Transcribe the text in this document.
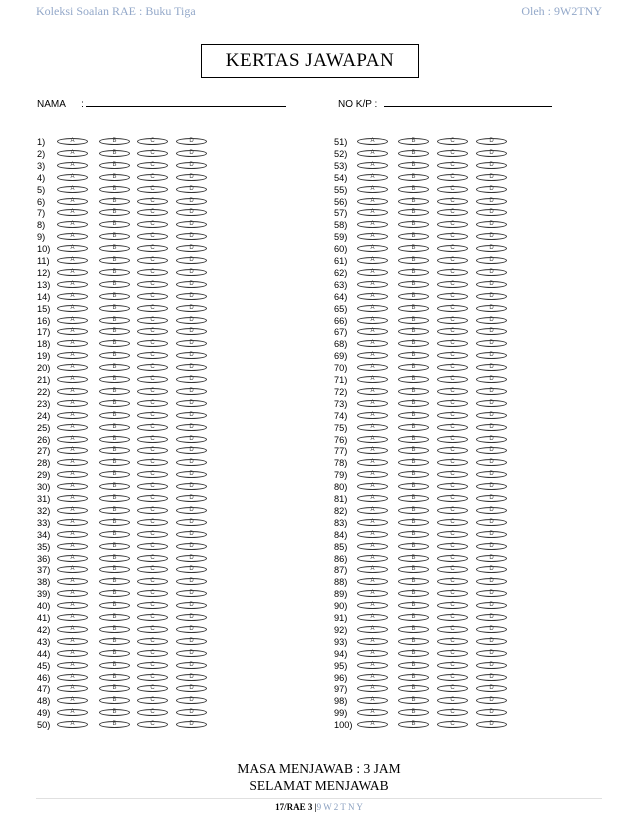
Koleksi Soalan RAE : Buku Tiga	Oleh : 9W2TNY
KERTAS JAWAPAN
NAMA :	NO K/P :
1)	A	B	C	D
2)	A	B	C	D
3)	A	B	C	D
4)	A	B	C	D
5)	A	B	C	D
6)	A	B	C	D
7)	A	B	C	D
8)	A	B	C	D
9)	A	B	C	D
10)	A	B	C	D
11)	A	B	C	D
12)	A	B	C	D
13)	A	B	C	D
14)	A	B	C	D
15)	A	B	C	D
16)	A	B	C	D
17)	A	B	C	D
18)	A	B	C	D
19)	A	B	C	D
20)	A	B	C	D
21)	A	B	C	D
22)	A	B	C	D
23)	A	B	C	D
24)	A	B	C	D
25)	A	B	C	D
26)	A	B	C	D
27)	A	B	C	D
28)	A	B	C	D
29)	A	B	C	D
30)	A	B	C	D
31)	A	B	C	D
32)	A	B	C	D
33)	A	B	C	D
34)	A	B	C	D
35)	A	B	C	D
36)	A	B	C	D
37)	A	B	C	D
38)	A	B	C	D
39)	A	B	C	D
40)	A	B	C	D
41)	A	B	C	D
42)	A	B	C	D
43)	A	B	C	D
44)	A	B	C	D
45)	A	B	C	D
46)	A	B	C	D
47)	A	B	C	D
48)	A	B	C	D
49)	A	B	C	D
50)	A	B	C	D
51)	A	B	C	D
52)	A	B	C	D
53)	A	B	C	D
54)	A	B	C	D
55)	A	B	C	D
56)	A	B	C	D
57)	A	B	C	D
58)	A	B	C	D
59)	A	B	C	D
60)	A	B	C	D
61)	A	B	C	D
62)	A	B	C	D
63)	A	B	C	D
64)	A	B	C	D
65)	A	B	C	D
66)	A	B	C	D
67)	A	B	C	D
68)	A	B	C	D
69)	A	B	C	D
70)	A	B	C	D
71)	A	B	C	D
72)	A	B	C	D
73)	A	B	C	D
74)	A	B	C	D
75)	A	B	C	D
76)	A	B	C	D
77)	A	B	C	D
78)	A	B	C	D
79)	A	B	C	D
80)	A	B	C	D
81)	A	B	C	D
82)	A	B	C	D
83)	A	B	C	D
84)	A	B	C	D
85)	A	B	C	D
86)	A	B	C	D
87)	A	B	C	D
88)	A	B	C	D
89)	A	B	C	D
90)	A	B	C	D
91)	A	B	C	D
92)	A	B	C	D
93)	A	B	C	D
94)	A	B	C	D
95)	A	B	C	D
96)	A	B	C	D
97)	A	B	C	D
98)	A	B	C	D
99)	A	B	C	D
100)	A	B	C	D
MASA MENJAWAB : 3 JAM
SELAMAT MENJAWAB
17/RAE 3 |9 W 2 T N Y
